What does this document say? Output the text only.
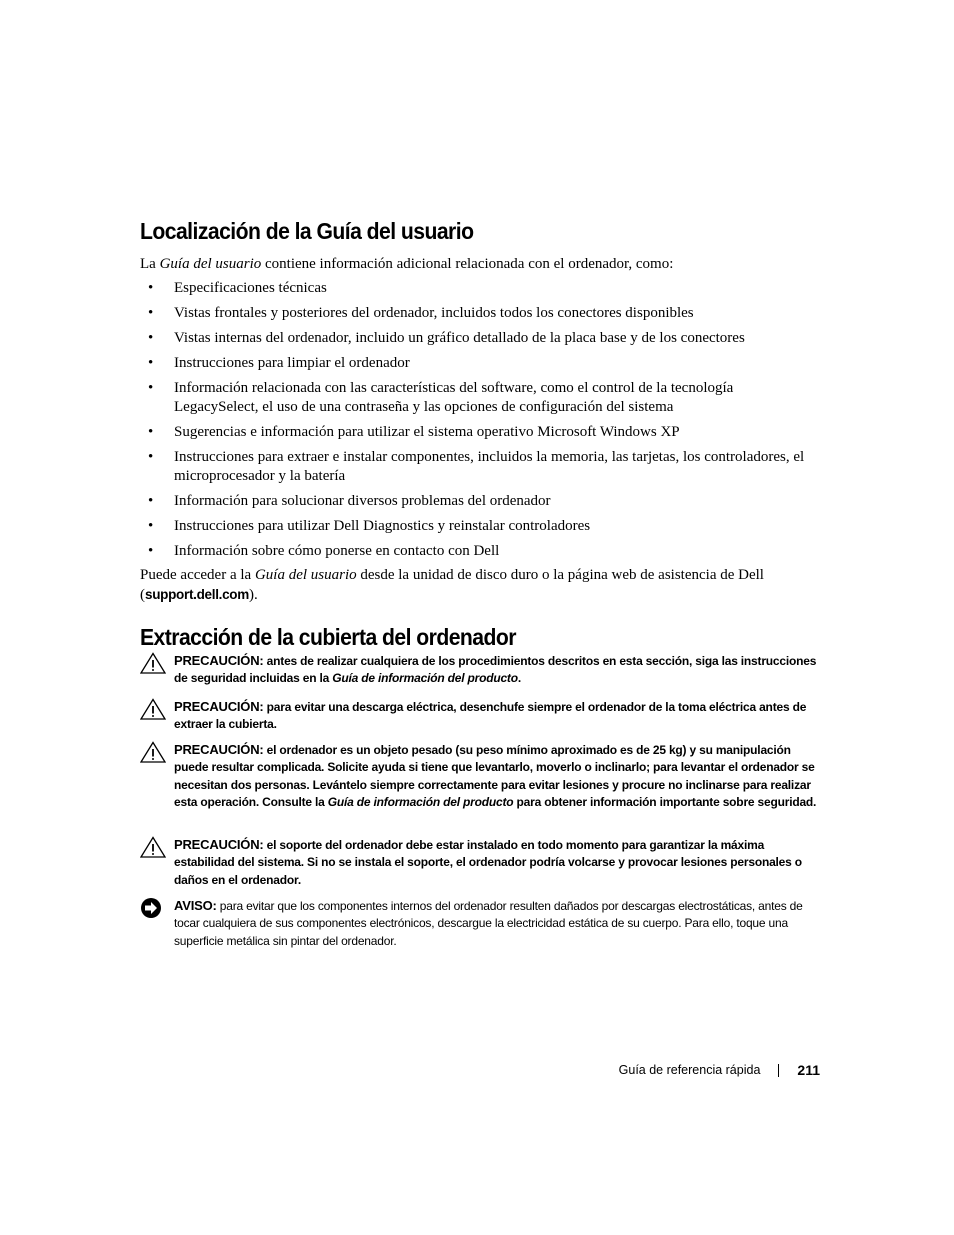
Localización de la Guía del usuario

La Guía del usuario contiene información adicional relacionada con el ordenador, como:

• Especificaciones técnicas
• Vistas frontales y posteriores del ordenador, incluidos todos los conectores disponibles
• Vistas internas del ordenador, incluido un gráfico detallado de la placa base y de los conectores
• Instrucciones para limpiar el ordenador
• Información relacionada con las características del software, como el control de la tecnología LegacySelect, el uso de una contraseña y las opciones de configuración del sistema
• Sugerencias e información para utilizar el sistema operativo Microsoft Windows XP
• Instrucciones para extraer e instalar componentes, incluidos la memoria, las tarjetas, los controladores, el microprocesador y la batería
• Información para solucionar diversos problemas del ordenador
• Instrucciones para utilizar Dell Diagnostics y reinstalar controladores
• Información sobre cómo ponerse en contacto con Dell

Puede acceder a la Guía del usuario desde la unidad de disco duro o la página web de asistencia de Dell (support.dell.com).

Extracción de la cubierta del ordenador
PRECAUCIÓN: antes de realizar cualquiera de los procedimientos descritos en esta sección, siga las instrucciones de seguridad incluidas en la Guía de información del producto.
PRECAUCIÓN: para evitar una descarga eléctrica, desenchufe siempre el ordenador de la toma eléctrica antes de extraer la cubierta.
PRECAUCIÓN: el ordenador es un objeto pesado (su peso mínimo aproximado es de 25 kg) y su manipulación puede resultar complicada. Solicite ayuda si tiene que levantarlo, moverlo o inclinarlo; para levantar el ordenador se necesitan dos personas. Levántelo siempre correctamente para evitar lesiones y procure no inclinarse para realizar esta operación. Consulte la Guía de información del producto para obtener información importante sobre seguridad.
PRECAUCIÓN: el soporte del ordenador debe estar instalado en todo momento para garantizar la máxima estabilidad del sistema. Si no se instala el soporte, el ordenador podría volcarse y provocar lesiones personales o daños en el ordenador.
AVISO: para evitar que los componentes internos del ordenador resulten dañados por descargas electrostáticas, antes de tocar cualquiera de sus componentes electrónicos, descargue la electricidad estática de su cuerpo. Para ello, toque una superficie metálica sin pintar del ordenador.
Guía de referencia rápida	211
